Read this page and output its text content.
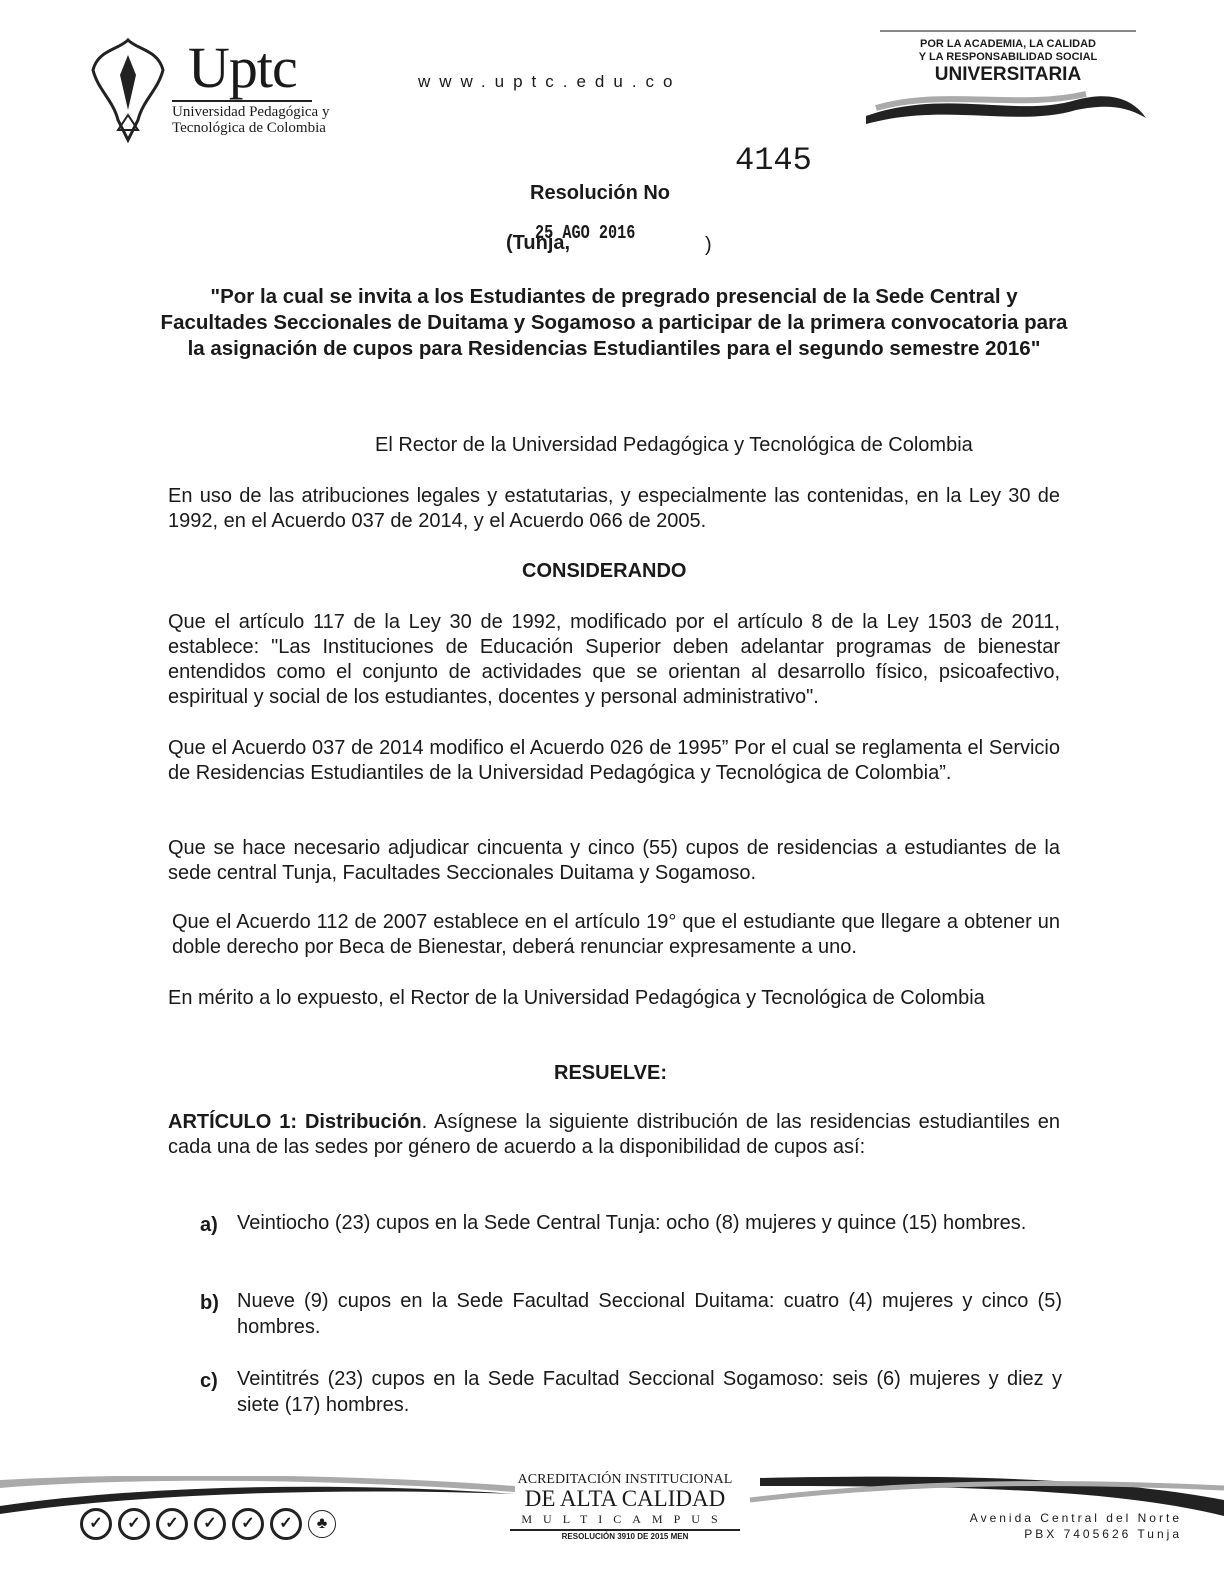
Uptc
Universidad Pedagógica y
Tecnológica de Colombia
www.uptc.edu.co
POR LA ACADEMIA, LA CALIDAD
Y LA RESPONSABILIDAD SOCIAL
UNIVERSITARIA
4145
Resolución No
(Tunja,
25 AGO 2016
)
"Por la cual se invita a los Estudiantes de pregrado presencial de la Sede Central y Facultades Seccionales de Duitama y Sogamoso a participar de la primera convocatoria para la asignación de cupos para Residencias Estudiantiles para el segundo semestre 2016"
El Rector de la Universidad Pedagógica y Tecnológica de Colombia
En uso de las atribuciones legales y estatutarias, y especialmente las contenidas, en la Ley 30 de 1992, en el Acuerdo 037 de 2014, y el Acuerdo 066 de 2005.
CONSIDERANDO
Que el artículo 117 de la Ley 30 de 1992, modificado por el artículo 8 de la Ley 1503 de 2011, establece: "Las Instituciones de Educación Superior deben adelantar programas de bienestar entendidos como el conjunto de actividades que se orientan al desarrollo físico, psicoafectivo, espiritual y social de los estudiantes, docentes y personal administrativo".
Que el Acuerdo 037 de 2014 modifico el Acuerdo 026 de 1995” Por el cual se reglamenta el Servicio de Residencias Estudiantiles de la Universidad Pedagógica y Tecnológica de Colombia”.
Que se hace necesario adjudicar cincuenta y cinco (55) cupos de residencias a estudiantes de la sede central Tunja, Facultades Seccionales Duitama y Sogamoso.
Que el Acuerdo 112 de 2007 establece en el artículo 19° que el estudiante que llegare a obtener un doble derecho por Beca de Bienestar, deberá renunciar expresamente a uno.
En mérito a lo expuesto, el Rector de la Universidad Pedagógica y Tecnológica de Colombia
RESUELVE:
ARTÍCULO 1: Distribución. Asígnese la siguiente distribución de las residencias estudiantiles en cada una de las sedes por género de acuerdo a la disponibilidad de cupos así:
a) Veintiocho (23) cupos en la Sede Central Tunja: ocho (8) mujeres y quince (15) hombres.
b) Nueve (9) cupos en la Sede Facultad Seccional Duitama: cuatro (4) mujeres y cinco (5) hombres.
c) Veintitrés (23) cupos en la Sede Facultad Seccional Sogamoso: seis (6) mujeres y diez y siete (17) hombres.
✓ ✓ ✓ ✓ ✓ ✓ ♣
ACREDITACIÓN INSTITUCIONAL
DE ALTA CALIDAD
MULTICAMPUS
RESOLUCIÓN 3910 DE 2015 MEN
Avenida Central del Norte
PBX 7405626 Tunja
